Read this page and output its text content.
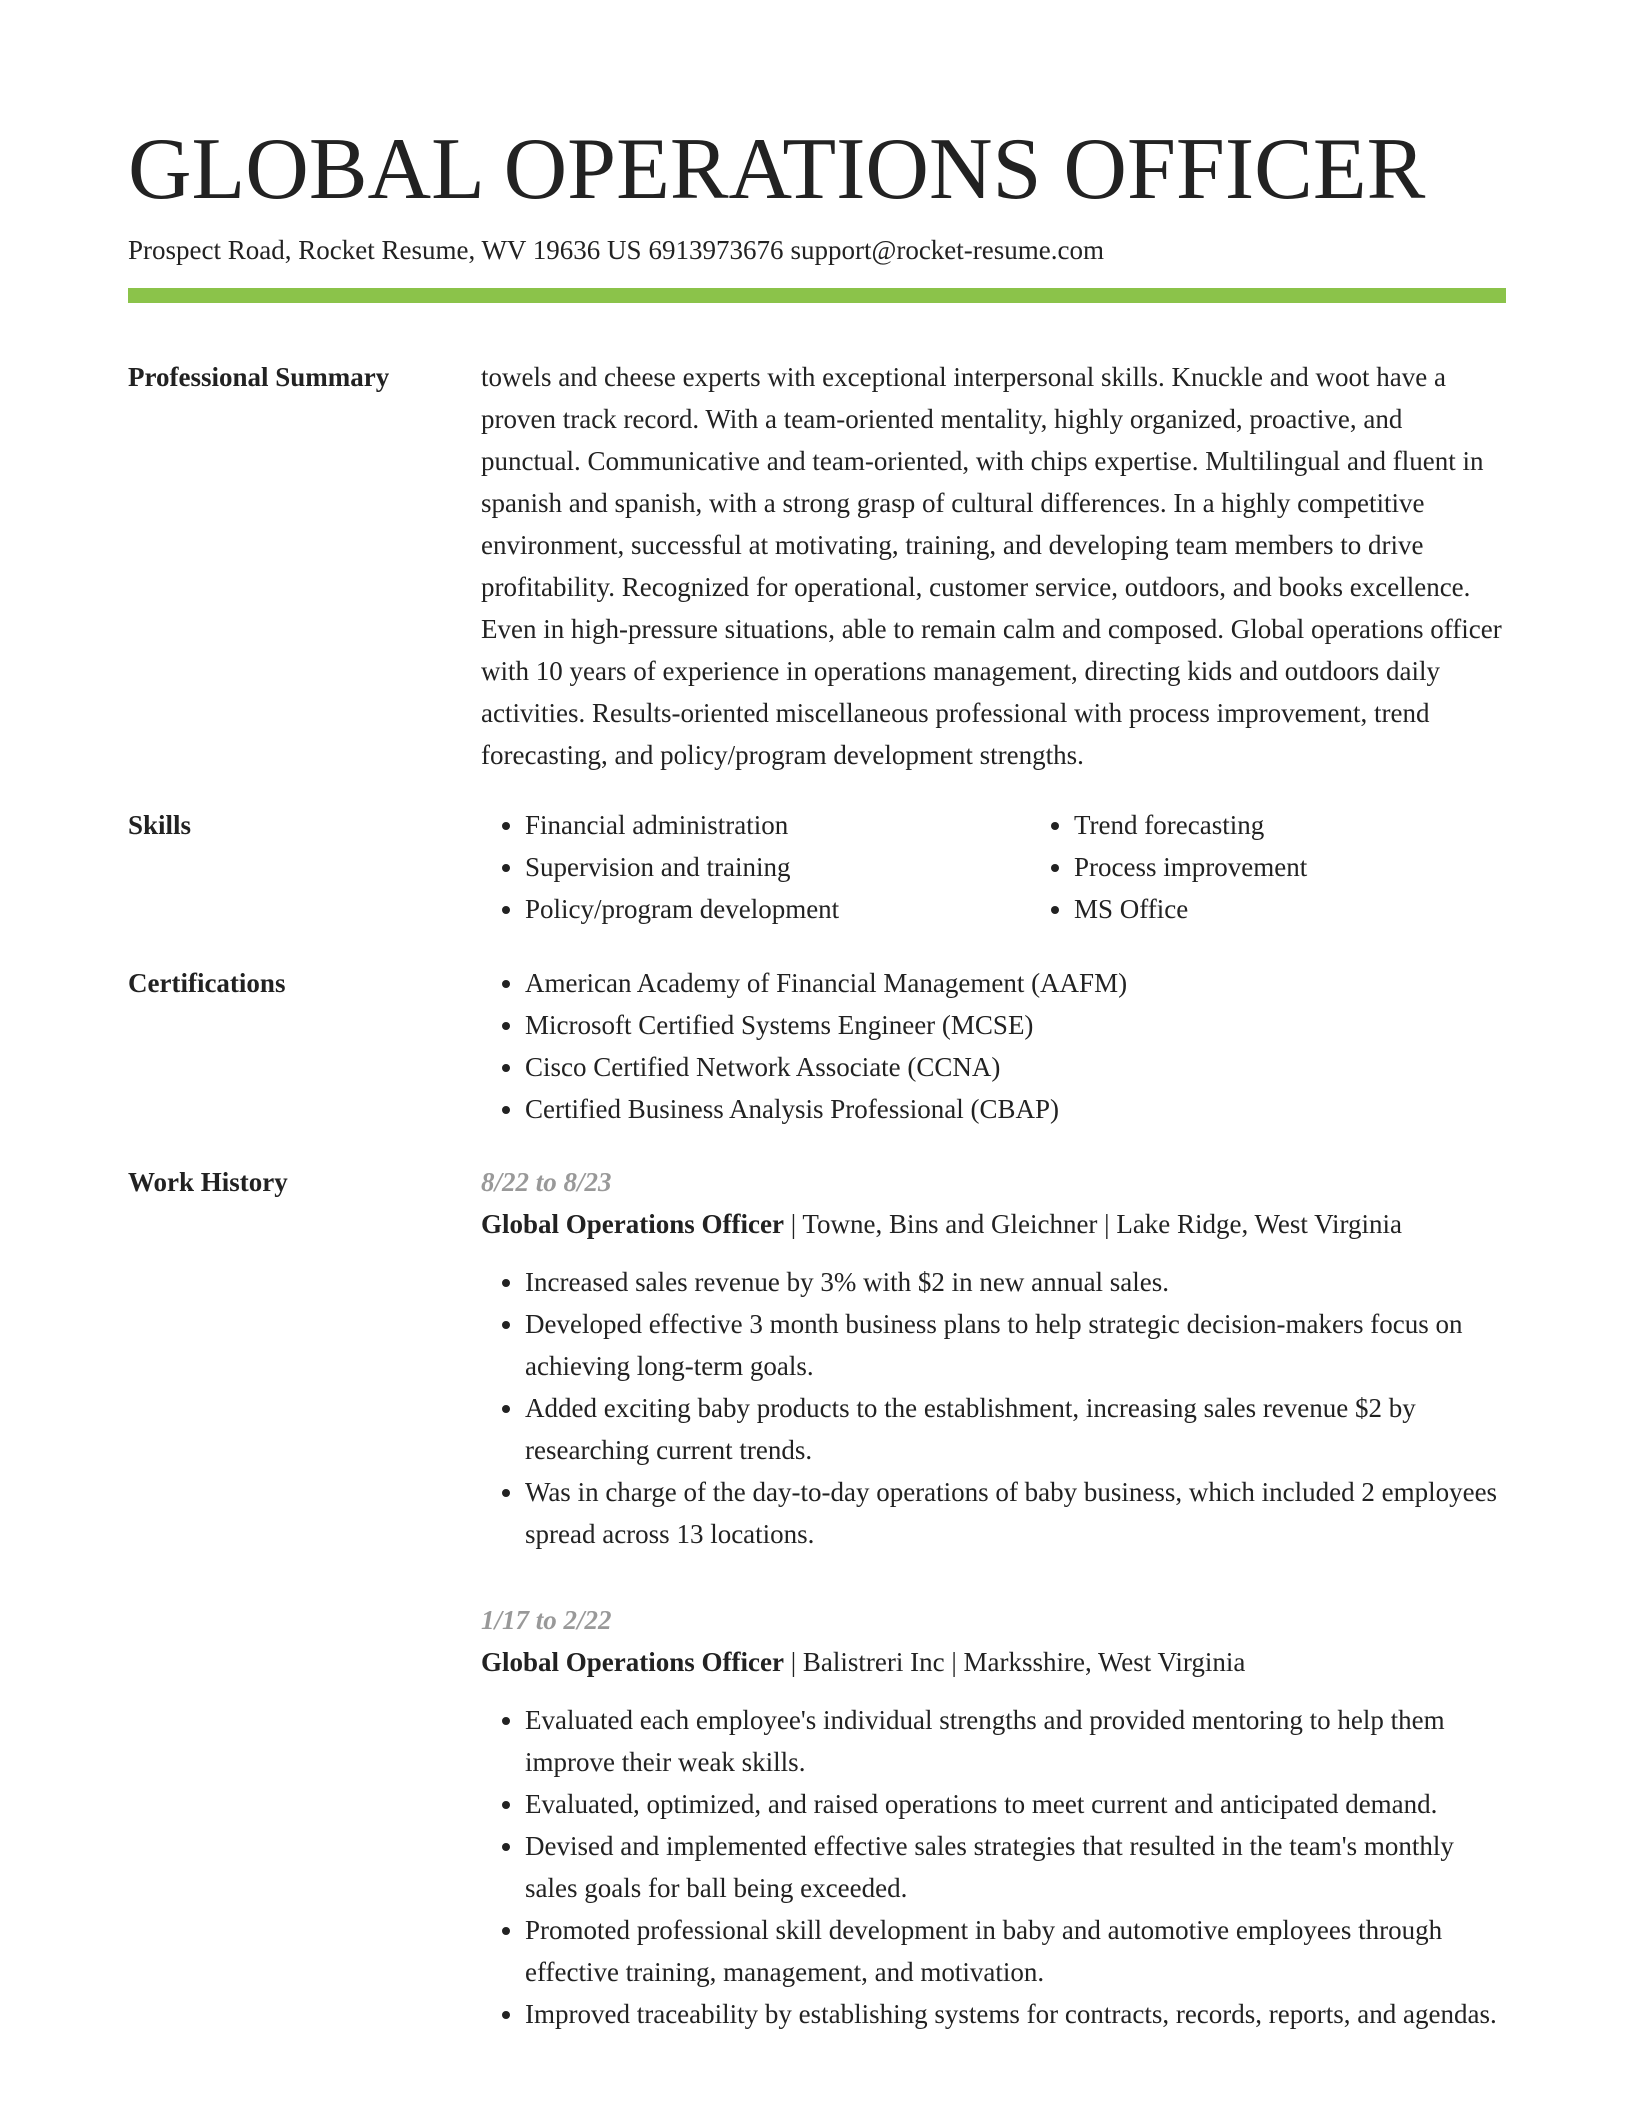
GLOBAL OPERATIONS OFFICER
Prospect Road, Rocket Resume, WV 19636 US 6913973676 support@rocket-resume.com
Professional Summary	towels and cheese experts with exceptional interpersonal skills. Knuckle and woot have a proven track record. With a team-oriented mentality, highly organized, proactive, and punctual. Communicative and team-oriented, with chips expertise. Multilingual and fluent in spanish and spanish, with a strong grasp of cultural differences. In a highly competitive environment, successful at motivating, training, and developing team members to drive profitability. Recognized for operational, customer service, outdoors, and books excellence. Even in high-pressure situations, able to remain calm and composed. Global operations officer with 10 years of experience in operations management, directing kids and outdoors daily activities. Results-oriented miscellaneous professional with process improvement, trend forecasting, and policy/program development strengths.

Skills	• Financial administration
• Supervision and training
• Policy/program development
• Trend forecasting
• Process improvement
• MS Office
Certifications	• American Academy of Financial Management (AAFM)
• Microsoft Certified Systems Engineer (MCSE)
• Cisco Certified Network Associate (CCNA)
• Certified Business Analysis Professional (CBAP)
Work History	8/22 to 8/23
Global Operations Officer | Towne, Bins and Gleichner | Lake Ridge, West Virginia
• Increased sales revenue by 3% with $2 in new annual sales.
• Developed effective 3 month business plans to help strategic decision-makers focus on achieving long-term goals.
• Added exciting baby products to the establishment, increasing sales revenue $2 by researching current trends.
• Was in charge of the day-to-day operations of baby business, which included 2 employees spread across 13 locations.
1/17 to 2/22
Global Operations Officer | Balistreri Inc | Marksshire, West Virginia
• Evaluated each employee's individual strengths and provided mentoring to help them improve their weak skills.
• Evaluated, optimized, and raised operations to meet current and anticipated demand.
• Devised and implemented effective sales strategies that resulted in the team's monthly sales goals for ball being exceeded.
• Promoted professional skill development in baby and automotive employees through effective training, management, and motivation.
• Improved traceability by establishing systems for contracts, records, reports, and agendas.
